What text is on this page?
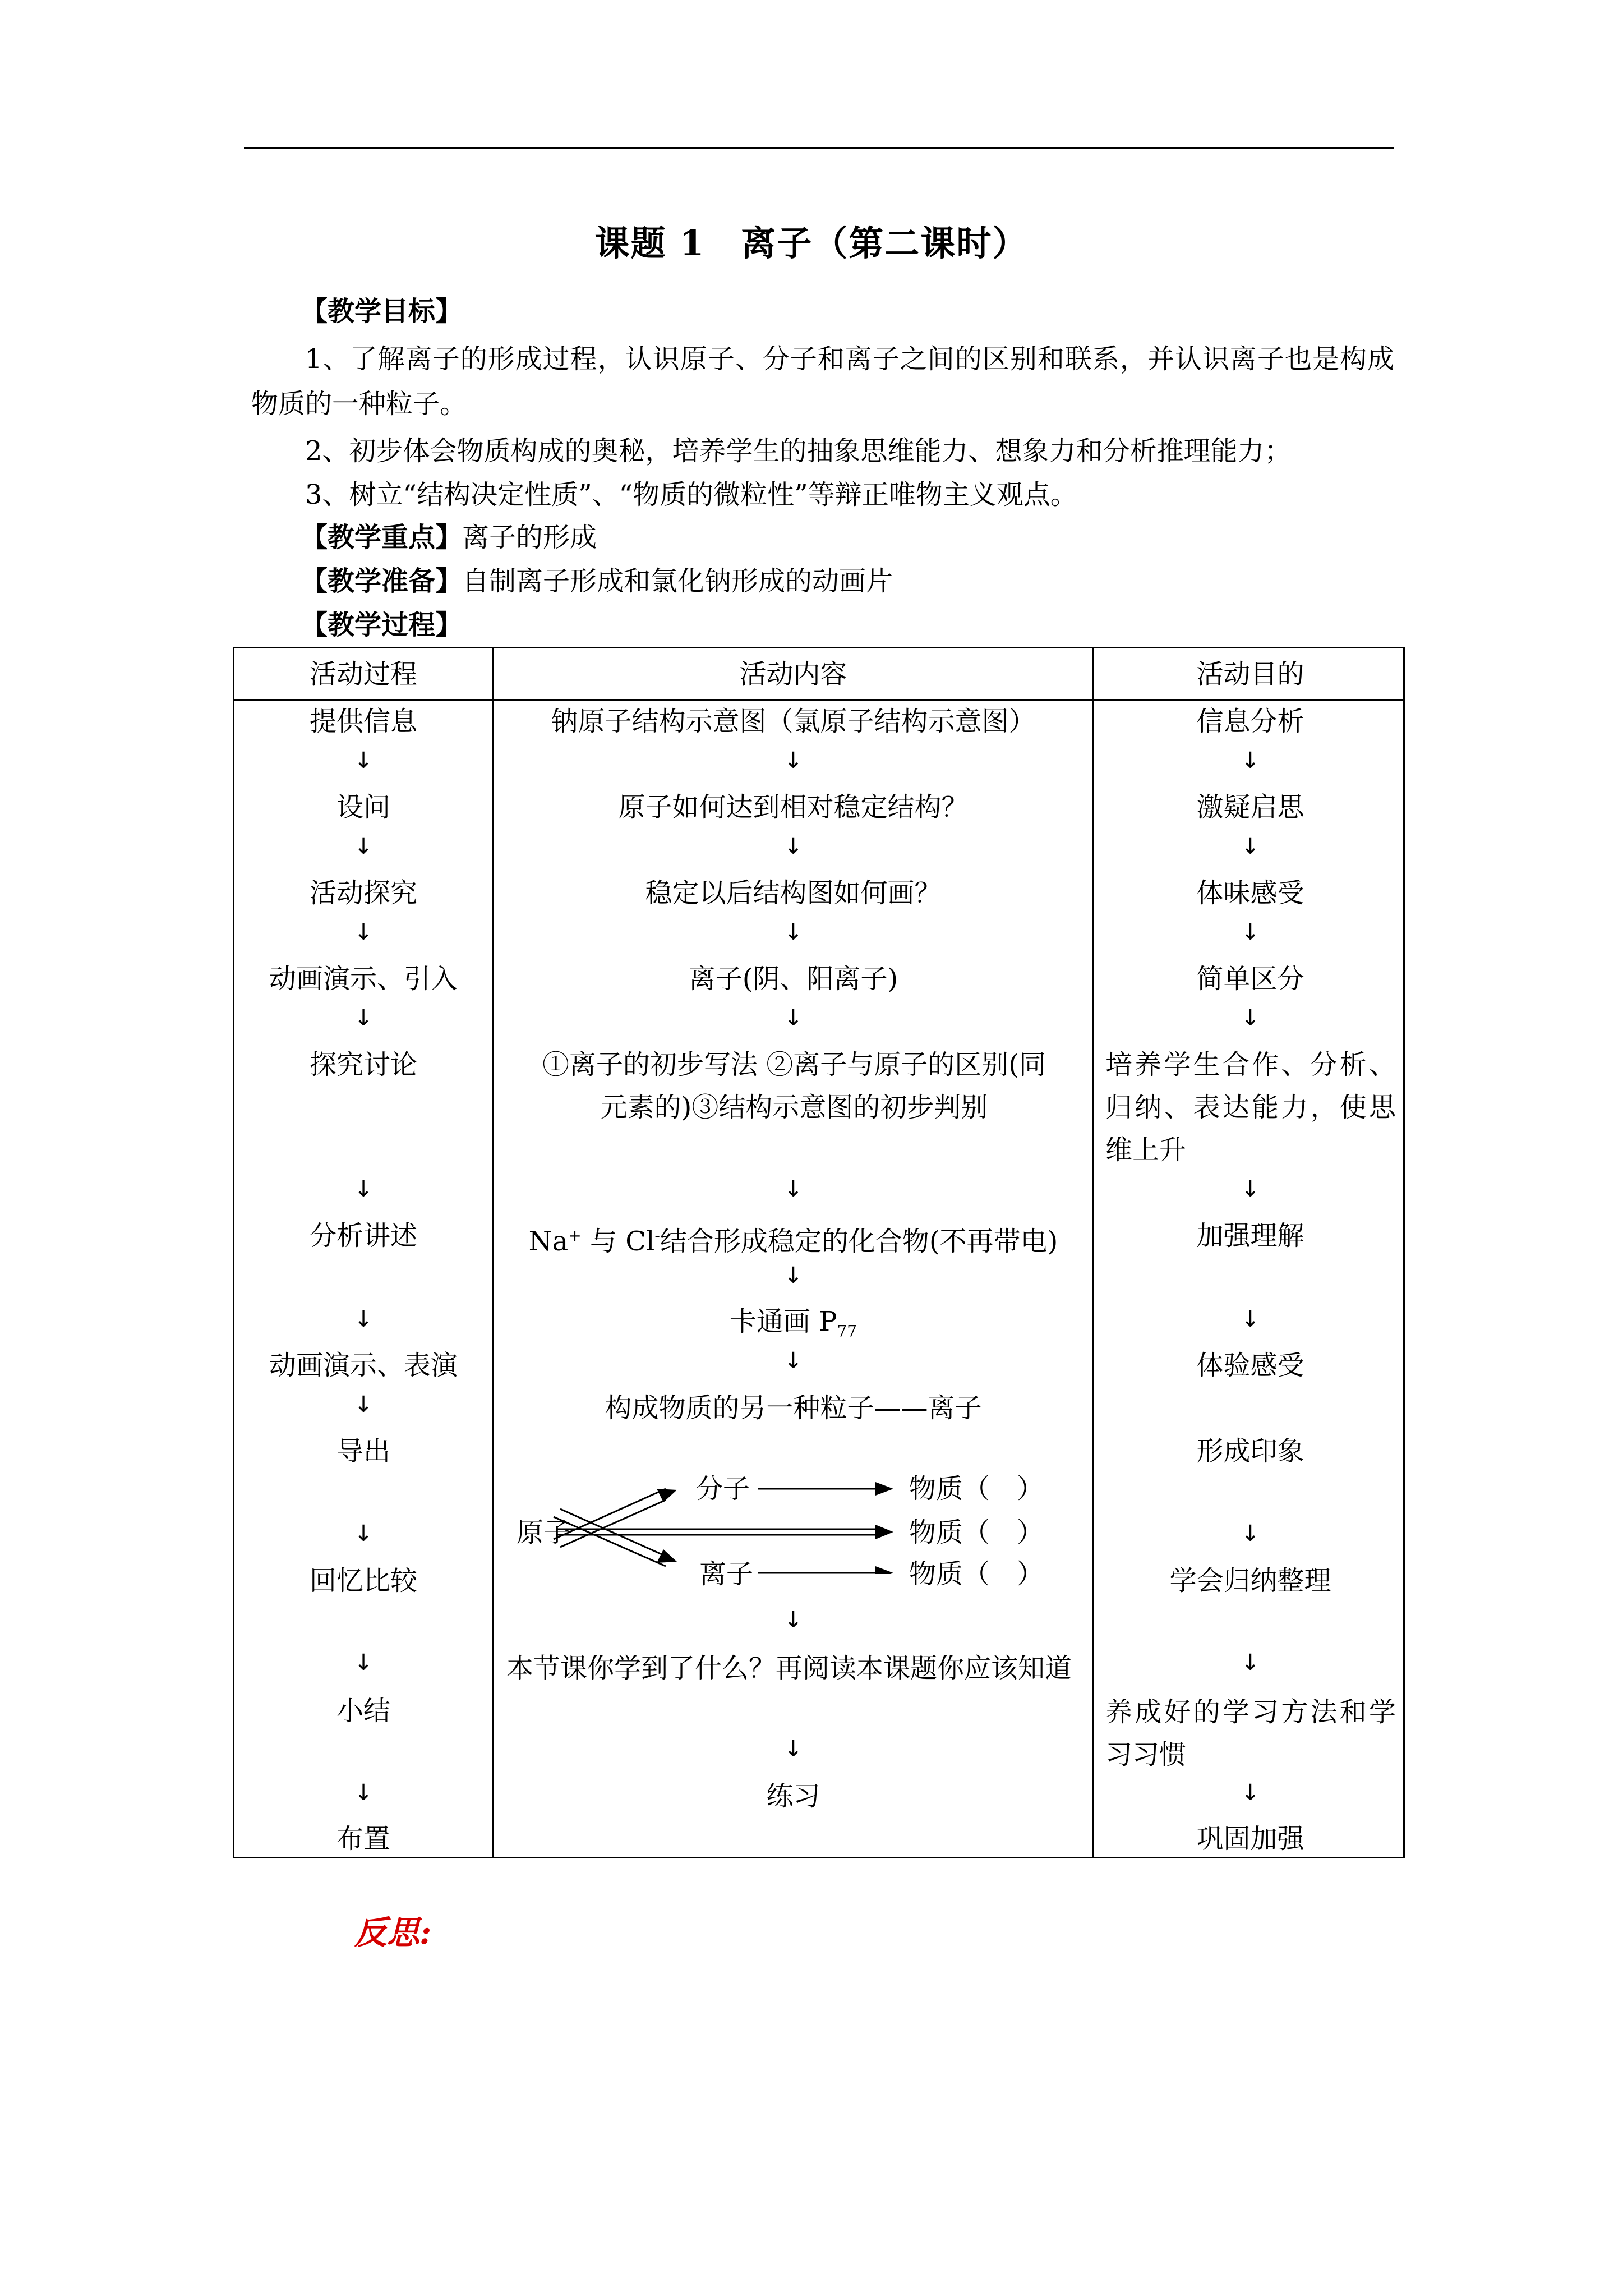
课题 1　离子（第二课时）
【教学目标】
1、了解离子的形成过程，认识原子、分子和离子之间的区别和联系，并认识离子也是构成物质的一种粒子。
2、初步体会物质构成的奥秘，培养学生的抽象思维能力、想象力和分析推理能力；
3、树立“结构决定性质”、“物质的微粒性”等辩正唯物主义观点。
【教学重点】离子的形成
【教学准备】自制离子形成和氯化钠形成的动画片
【教学过程】
活动过程	活动内容	活动目的
提供信息
↓
设问
↓
活动探究
↓
动画演示、引入
↓
探究讨论
↓
分析讲述
↓
动画演示、表演
↓
导出
↓
回忆比较
↓
小结
↓
布置
钠原子结构示意图（氯原子结构示意图）
↓
原子如何达到相对稳定结构？
↓
稳定以后结构图如何画？
↓
离子(阴、阳离子)
↓
①离子的初步写法 ②离子与原子的区别(同元素的)③结构示意图的初步判别
↓
Na+ 与 Cl-结合形成稳定的化合物(不再带电)
↓
卡通画 $P_{77}$
↓
构成物质的另一种粒子——离子
原子
分子
离子
物质（　）
物质（　）
物质（　）
↓
本节课你学到了什么？再阅读本课题你应该知道
↓
练习
信息分析
↓
激疑启思
↓
体味感受
↓
简单区分
↓
培养学生合作、分析、归纳、表达能力，使思维上升
↓
加强理解
↓
体验感受
形成印象
↓
学会归纳整理
↓
养成好的学习方法和学习习惯
↓
巩固加强
反思:
